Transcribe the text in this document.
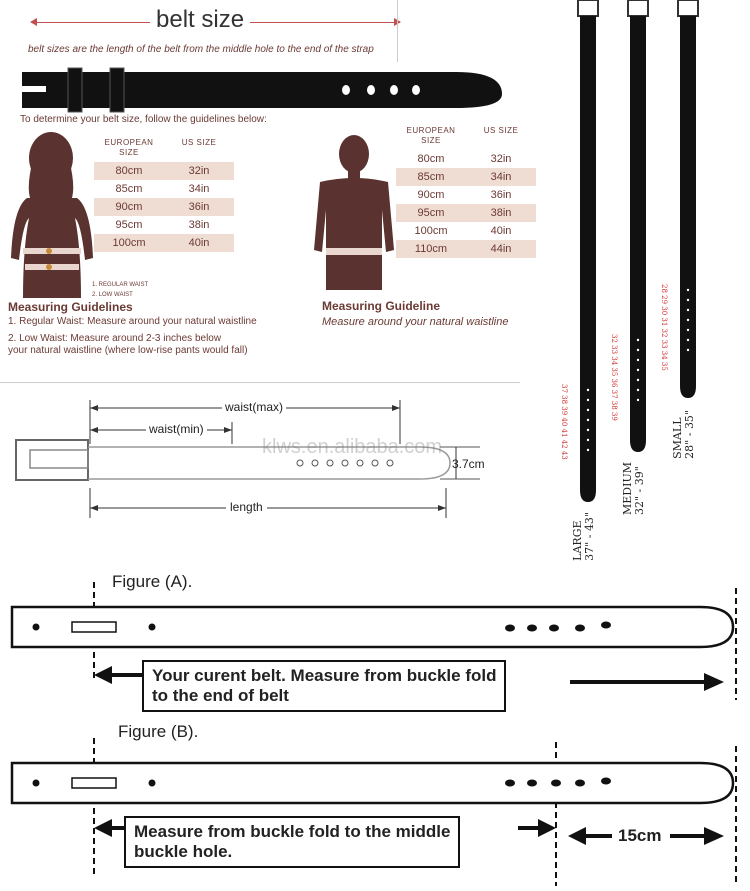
belt size
belt sizes are the length of the belt from the middle hole to the end of the strap
To determine your belt size, follow the guidelines below:
EUROPEAN SIZE
US SIZE
80cm	32in
85cm	34in
90cm	36in
95cm	38in
100cm	40in
1. REGULAR WAIST
2. LOW WAIST
Measuring Guidelines
1. Regular Waist: Measure around your natural waistline
2. Low Waist: Measure around 2-3 inches below
your natural waistline (where low-rise pants would fall)
EUROPEAN SIZE
US SIZE
80cm	32in
85cm	34in
90cm	36in
95cm	38in
100cm	40in
110cm	44in
Measuring Guideline
Measure around your natural waistline
waist(max)
waist(min)
3.7cm
length
klws.en.alibaba.com	37 38 39 40 41 42 43
32 33 34 35 36 37 38 39
28 29 30 31 32 33 34 35
LARGE
37" - 43"
MEDIUM
32" - 39"
SMALL
28" - 35"
Figure (A).
Your curent belt. Measure from buckle fold
to the end of belt
Figure (B).
Measure from buckle fold to the middle
buckle hole.
15cm
